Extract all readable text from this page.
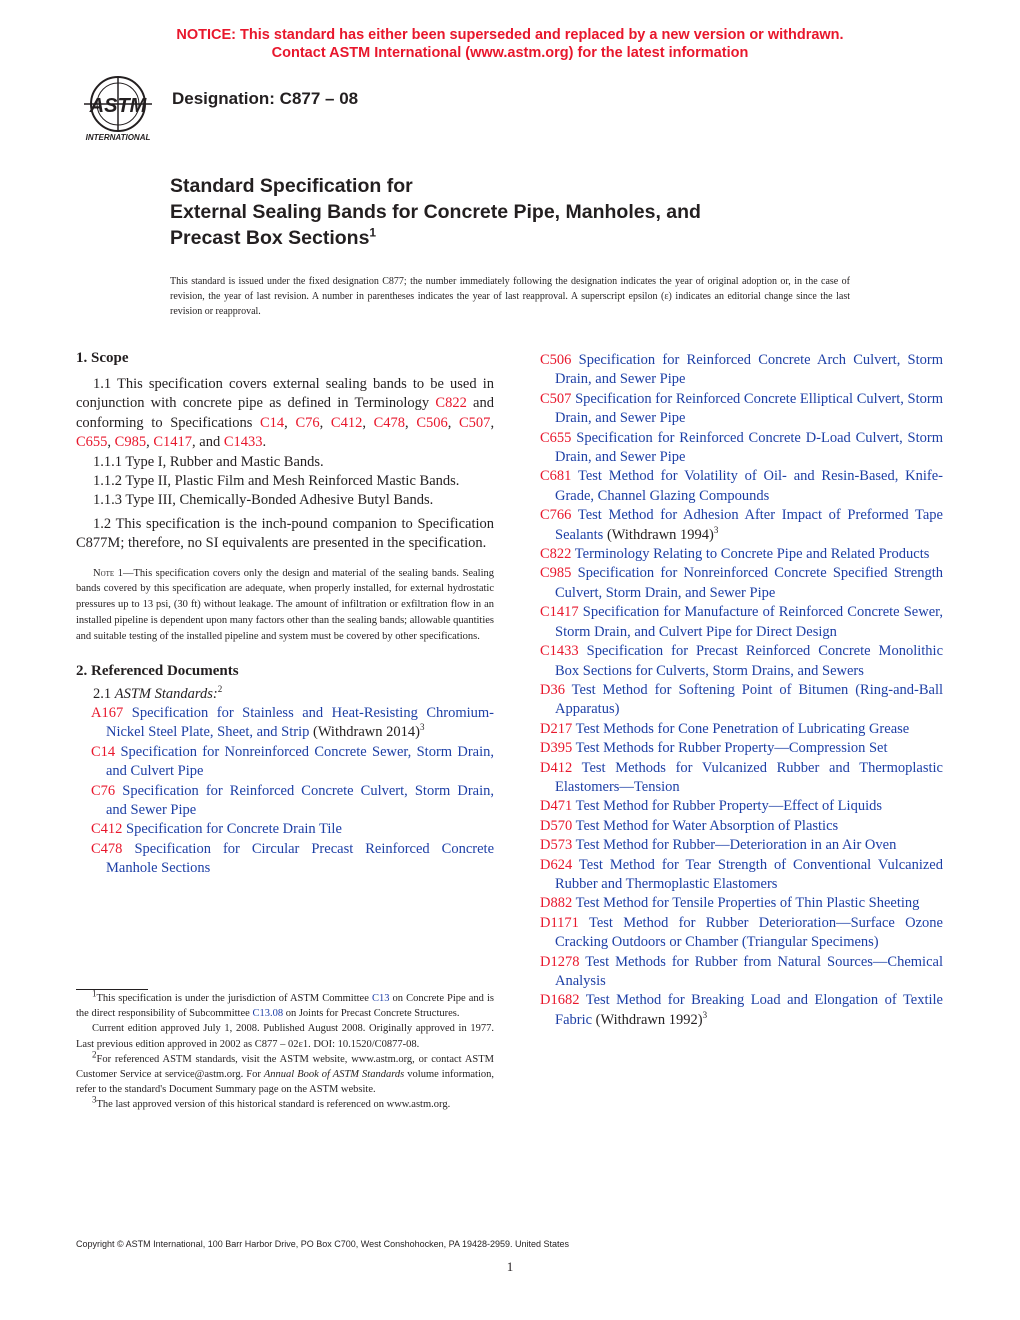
NOTICE: This standard has either been superseded and replaced by a new version or withdrawn.
Contact ASTM International (www.astm.org) for the latest information
ASTM
INTERNATIONAL
Designation: C877 – 08
Standard Specification for
External Sealing Bands for Concrete Pipe, Manholes, and
Precast Box Sections$^1$
This standard is issued under the fixed designation C877; the number immediately following the designation indicates the year of original adoption or, in the case of revision, the year of last revision. A number in parentheses indicates the year of last reapproval. A superscript epsilon (ε) indicates an editorial change since the last revision or reapproval.
1. Scope
1.1 This specification covers external sealing bands to be used in conjunction with concrete pipe as defined in Terminology C822 and conforming to Specifications C14, C76, C412, C478, C506, C507, C655, C985, C1417, and C1433.
1.1.1 Type I, Rubber and Mastic Bands.
1.1.2 Type II, Plastic Film and Mesh Reinforced Mastic Bands.
1.1.3 Type III, Chemically-Bonded Adhesive Butyl Bands.
1.2 This specification is the inch-pound companion to Specification C877M; therefore, no SI equivalents are presented in the specification.
Note 1—This specification covers only the design and material of the sealing bands. Sealing bands covered by this specification are adequate, when properly installed, for external hydrostatic pressures up to 13 psi, (30 ft) without leakage. The amount of infiltration or exfiltration flow in an installed pipeline is dependent upon many factors other than the sealing bands; allowable quantities and suitable testing of the installed pipeline and system must be covered by other specifications.
2. Referenced Documents
2.1 ASTM Standards:$^2$

A167 Specification for Stainless and Heat-Resisting Chromium-Nickel Steel Plate, Sheet, and Strip (Withdrawn 2014)$^3$

C14 Specification for Nonreinforced Concrete Sewer, Storm Drain, and Culvert Pipe

C76 Specification for Reinforced Concrete Culvert, Storm Drain, and Sewer Pipe

C412 Specification for Concrete Drain Tile

C478 Specification for Circular Precast Reinforced Concrete Manhole Sections

C506 Specification for Reinforced Concrete Arch Culvert, Storm Drain, and Sewer Pipe

C507 Specification for Reinforced Concrete Elliptical Culvert, Storm Drain, and Sewer Pipe

C655 Specification for Reinforced Concrete D-Load Culvert, Storm Drain, and Sewer Pipe

C681 Test Method for Volatility of Oil- and Resin-Based, Knife-Grade, Channel Glazing Compounds

C766 Test Method for Adhesion After Impact of Preformed Tape Sealants (Withdrawn 1994)$^3$

C822 Terminology Relating to Concrete Pipe and Related Products

C985 Specification for Nonreinforced Concrete Specified Strength Culvert, Storm Drain, and Sewer Pipe

C1417 Specification for Manufacture of Reinforced Concrete Sewer, Storm Drain, and Culvert Pipe for Direct Design

C1433 Specification for Precast Reinforced Concrete Monolithic Box Sections for Culverts, Storm Drains, and Sewers

D36 Test Method for Softening Point of Bitumen (Ring-and-Ball Apparatus)

D217 Test Methods for Cone Penetration of Lubricating Grease

D395 Test Methods for Rubber Property—Compression Set

D412 Test Methods for Vulcanized Rubber and Thermoplastic Elastomers—Tension

D471 Test Method for Rubber Property—Effect of Liquids

D570 Test Method for Water Absorption of Plastics

D573 Test Method for Rubber—Deterioration in an Air Oven

D624 Test Method for Tear Strength of Conventional Vulcanized Rubber and Thermoplastic Elastomers

D882 Test Method for Tensile Properties of Thin Plastic Sheeting

D1171 Test Method for Rubber Deterioration—Surface Ozone Cracking Outdoors or Chamber (Triangular Specimens)

D1278 Test Methods for Rubber from Natural Sources—Chemical Analysis

D1682 Test Method for Breaking Load and Elongation of Textile Fabric (Withdrawn 1992)$^3$

$^1$This specification is under the jurisdiction of ASTM Committee C13 on Concrete Pipe and is the direct responsibility of Subcommittee C13.08 on Joints for Precast Concrete Structures.

Current edition approved July 1, 2008. Published August 2008. Originally approved in 1977. Last previous edition approved in 2002 as C877 – 02ε1. DOI: 10.1520/C0877-08.

$^2$For referenced ASTM standards, visit the ASTM website, www.astm.org, or contact ASTM Customer Service at service@astm.org. For Annual Book of ASTM Standards volume information, refer to the standard's Document Summary page on the ASTM website.

$^3$The last approved version of this historical standard is referenced on www.astm.org.

Copyright © ASTM International, 100 Barr Harbor Drive, PO Box C700, West Conshohocken, PA 19428-2959. United States
1
